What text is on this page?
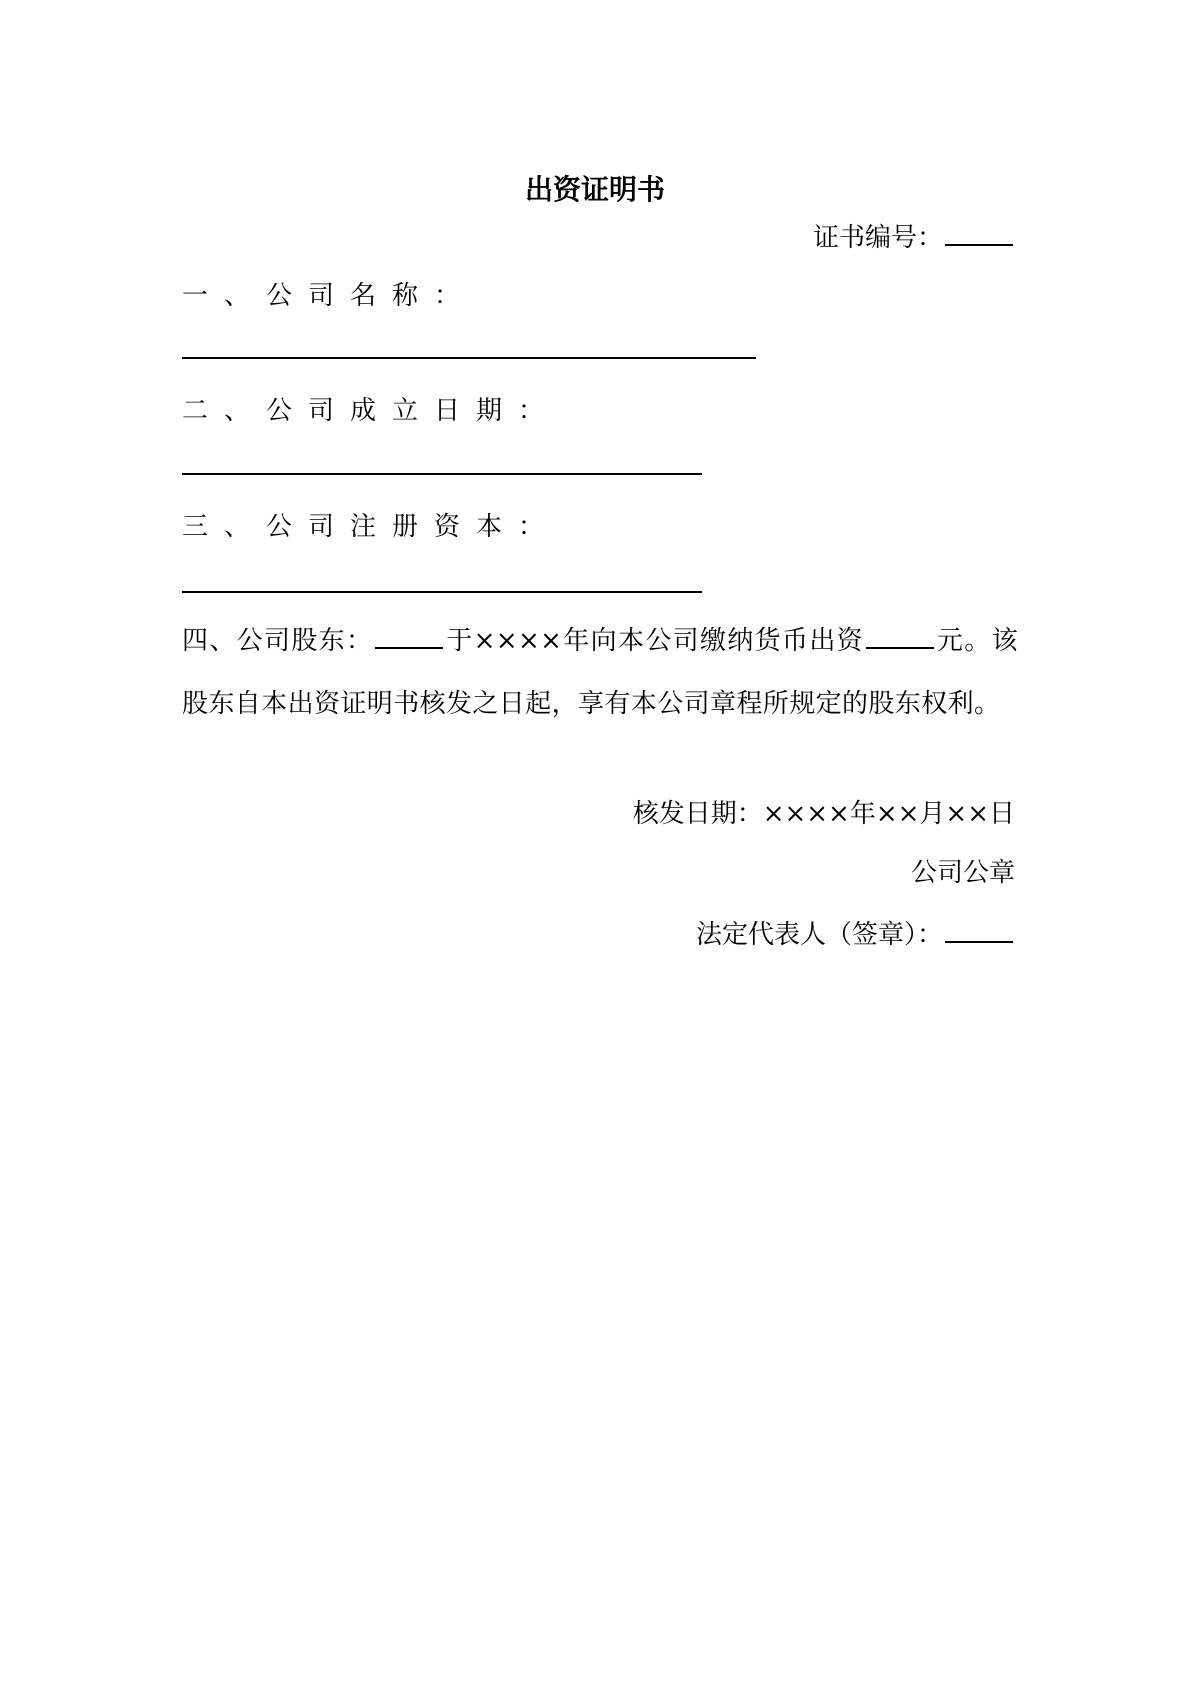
出资证明书
证书编号：
一、公司名称：
二、公司成立日期：
三、公司注册资本：
四、公司股东：	于××××年向本公司缴纳货币出资	元。该股东自本出资证明书核发之日起，享有本公司章程所规定的股东权利。
核发日期：××××年××月××日
公司公章
法定代表人（签章）：
